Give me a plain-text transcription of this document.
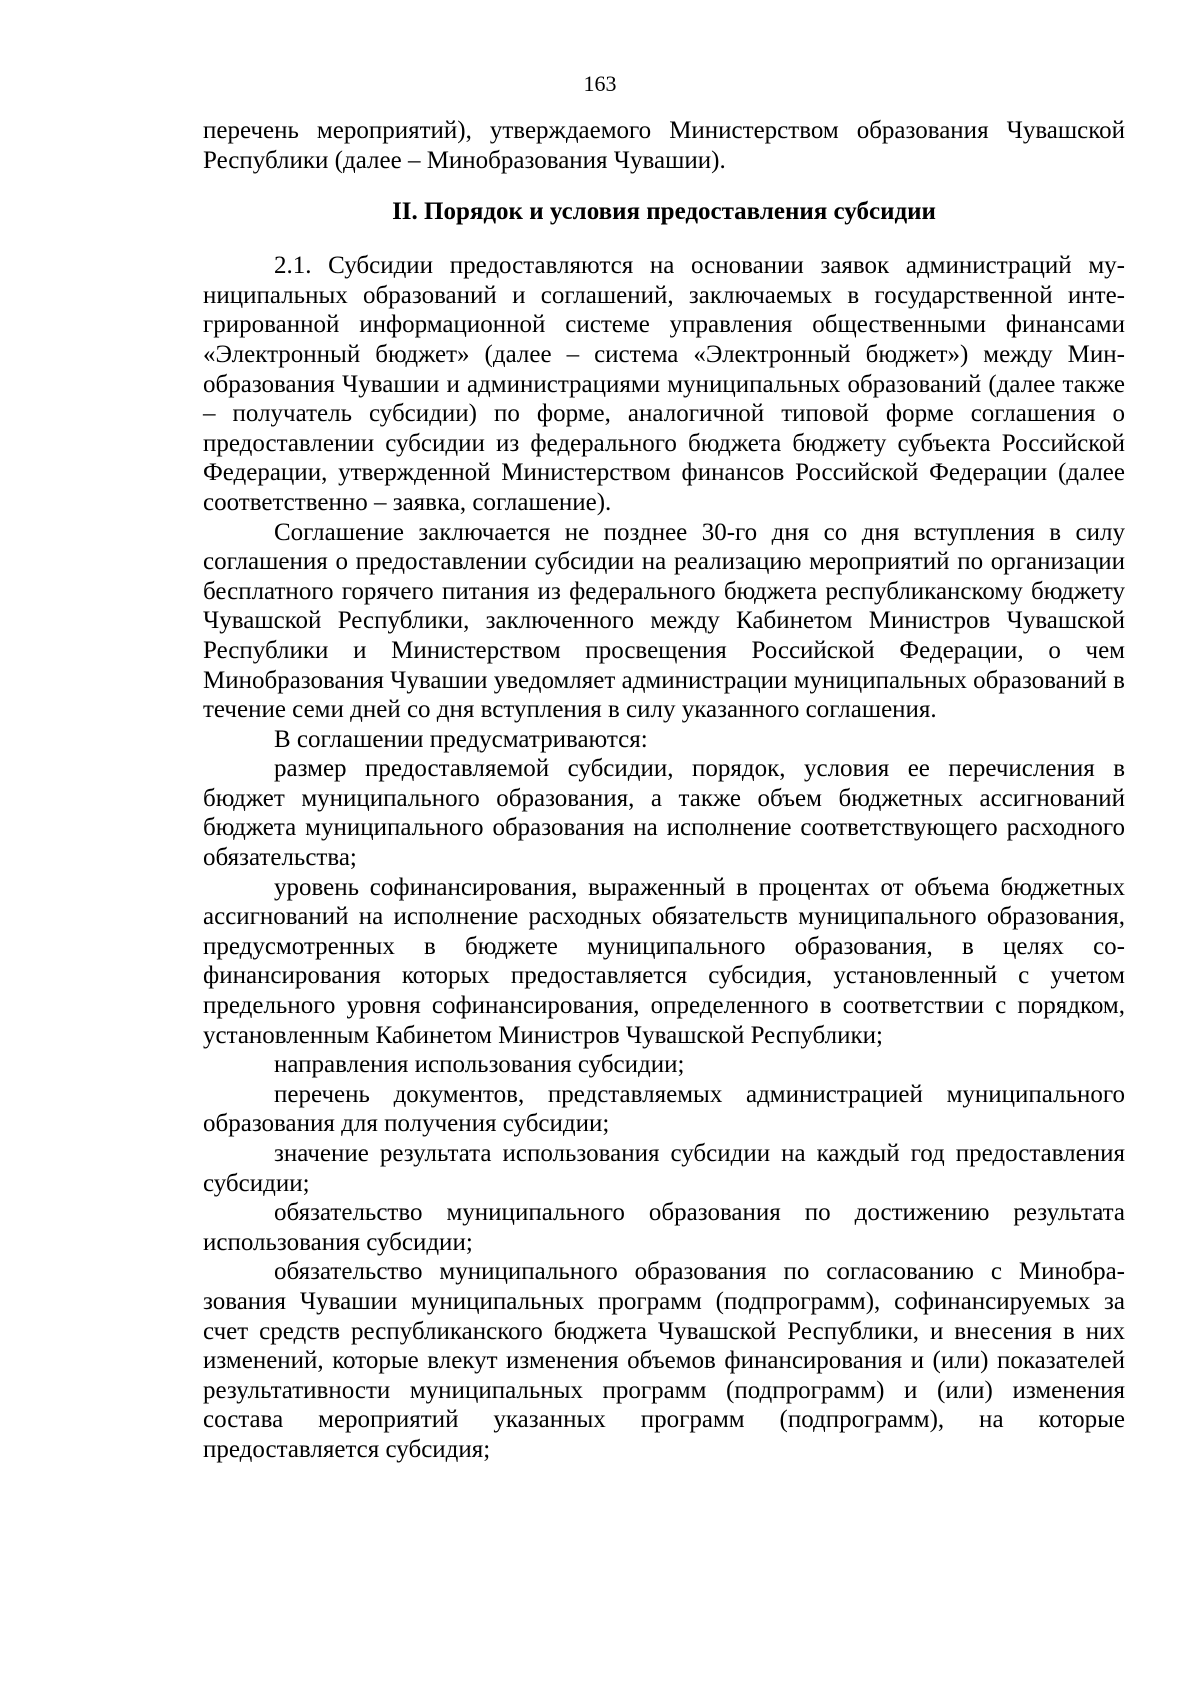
163

перечень мероприятий), утверждаемого Министерством образования Чувашской Республики (далее – Минобразования Чувашии).

II. Порядок и условия предоставления субсидии

2.1. Субсидии предоставляются на основании заявок администраций муниципальных образований и соглашений, заключаемых в государственной интегрированной информационной системе управления общественными финансами «Электронный бюджет» (далее – система «Электронный бюджет») между Минобразования Чувашии и администрациями муниципальных образований (далее также – получатель субсидии) по форме, аналогичной типовой форме соглашения о предоставлении субсидии из федерального бюджета бюджету субъекта Российской Федерации, утвержденной Министерством финансов Российской Федерации (далее соответственно – заявка, соглашение).

Соглашение заключается не позднее 30-го дня со дня вступления в силу соглашения о предоставлении субсидии на реализацию мероприятий по организации бесплатного горячего питания из федерального бюджета республиканскому бюджету Чувашской Республики, заключенного между Кабинетом Министров Чувашской Республики и Министерством просвещения Российской Федерации, о чем Минобразования Чувашии уведомляет администрации муниципальных образований в течение семи дней со дня вступления в силу указанного соглашения.

В соглашении предусматриваются:

размер предоставляемой субсидии, порядок, условия ее перечисления в бюджет муниципального образования, а также объем бюджетных ассигнований бюджета муниципального образования на исполнение соответствующего расходного обязательства;

уровень софинансирования, выраженный в процентах от объема бюджетных ассигнований на исполнение расходных обязательств муниципального образования, предусмотренных в бюджете муниципального образования, в целях софинансирования которых предоставляется субсидия, установленный с учетом предельного уровня софинансирования, определенного в соответствии с порядком, установленным Кабинетом Министров Чувашской Республики;

направления использования субсидии;

перечень документов, представляемых администрацией муниципального образования для получения субсидии;

значение результата использования субсидии на каждый год предоставления субсидии;

обязательство муниципального образования по достижению результата использования субсидии;

обязательство муниципального образования по согласованию с Минобразования Чувашии муниципальных программ (подпрограмм), софинансируемых за счет средств республиканского бюджета Чувашской Республики, и внесения в них изменений, которые влекут изменения объемов финансирования и (или) показателей результативности муниципальных программ (подпрограмм) и (или) изменения состава мероприятий указанных программ (подпрограмм), на которые предоставляется субсидия;
